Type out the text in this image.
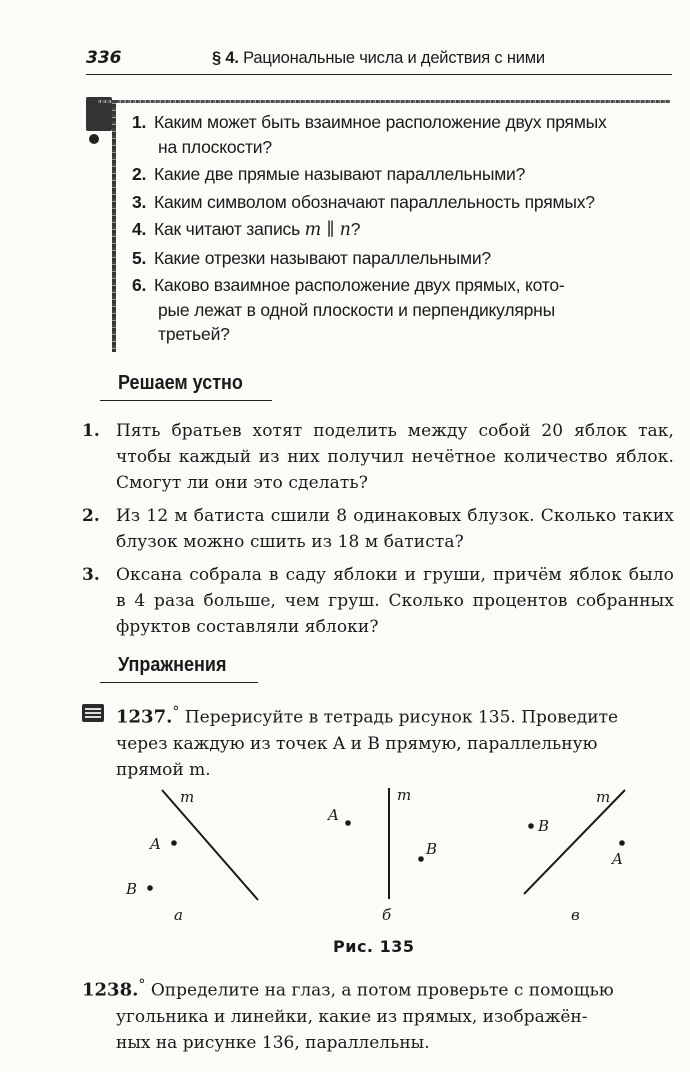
336	§ 4. Рациональные числа и действия с ними
1. Каким может быть взаимное расположение двух прямых
на плоскости?
2. Какие две прямые называют параллельными?
3. Каким символом обозначают параллельность прямых?
4. Как читают запись m ∥ n?
5. Какие отрезки называют параллельными?
6. Каково взаимное расположение двух прямых, кото-
рые лежат в одной плоскости и перпендикулярны
третьей?
Решаем устно
1. Пять братьев хотят поделить между собой 20 яблок так, чтобы каждый из них получил нечётное количество яблок. Смогут ли они это сделать?
2. Из 12 м батиста сшили 8 одинаковых блузок. Сколько таких блузок можно сшить из 18 м батиста?
3. Оксана собрала в саду яблоки и груши, причём яблок было в 4 раза больше, чем груш. Сколько процентов собранных фруктов составляли яблоки?
Упражнения
1237.° Перерисуйте в тетрадь рисунок 135. Проведите
через каждую из точек A и B прямую, параллельную
прямой m.
m
A
B
а
m
A
B
б
m
B
A
в
Рис. 135
1238.° Определите на глаз, а потом проверьте с помощью
угольника и линейки, какие из прямых, изображён-
ных на рисунке 136, параллельны.
